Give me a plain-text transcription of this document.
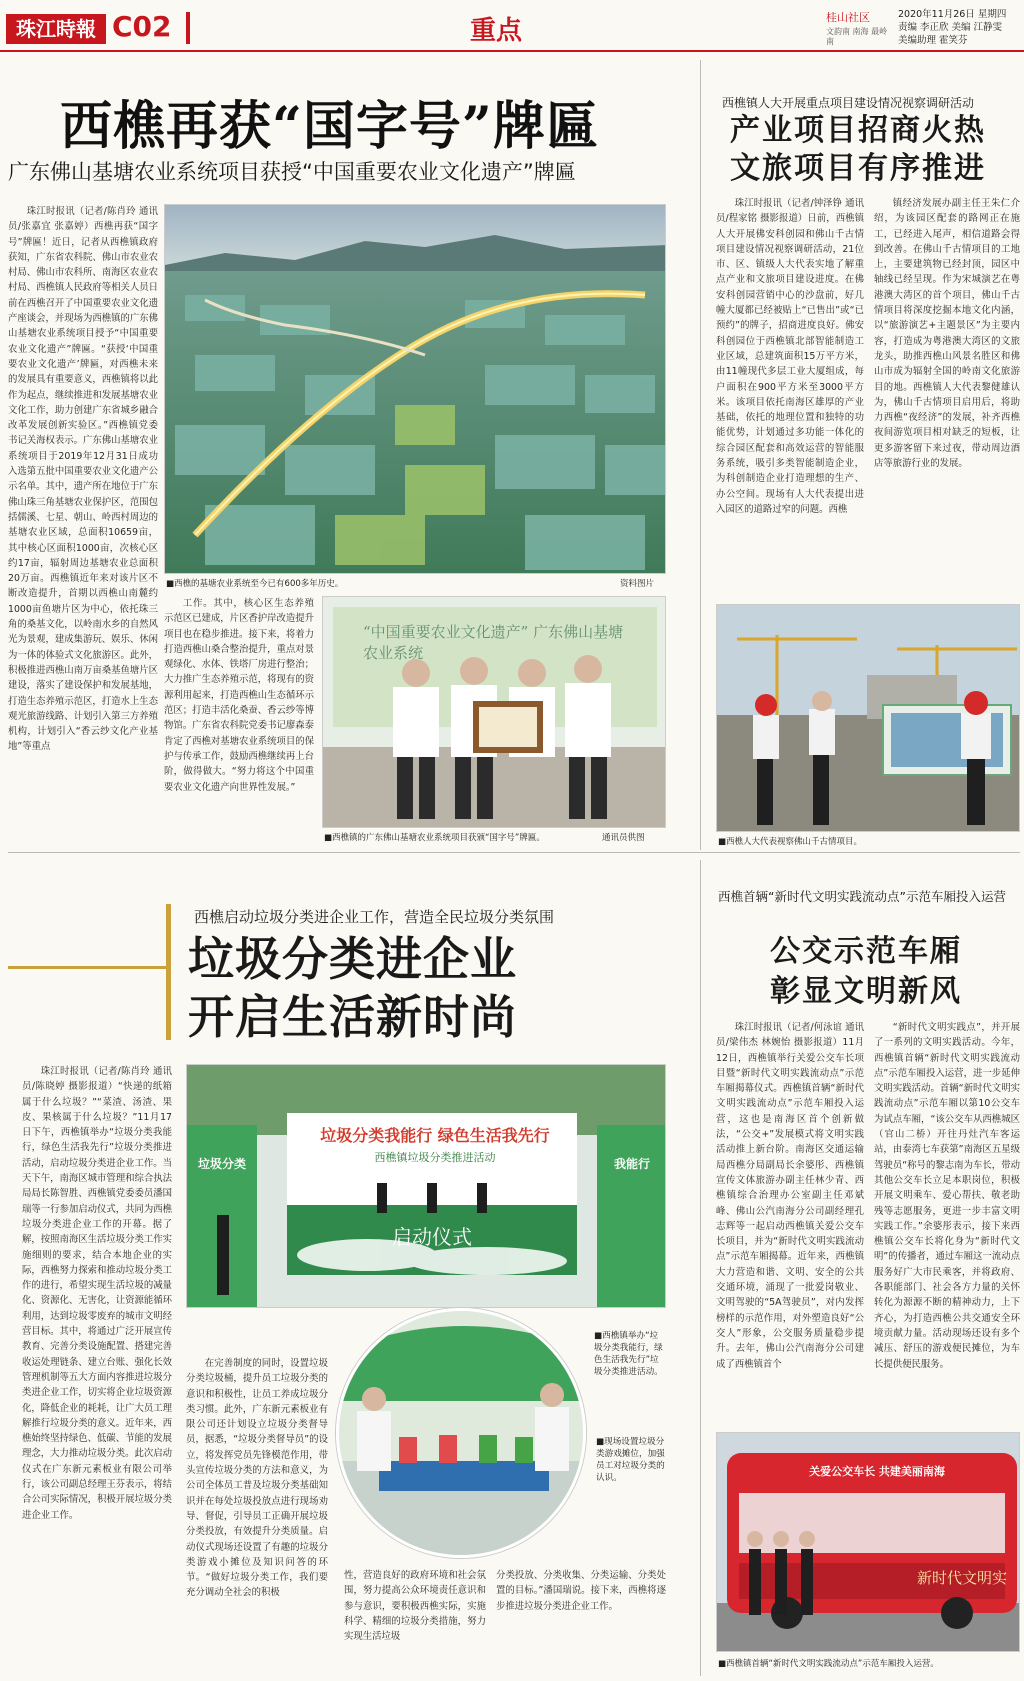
珠江時報 C02	重点	桂山社区
文韵南 南海 最岭南
2020年11月26日 星期四
责编 李正欣 美编 江静雯
美编助理 霍笑芬
西樵再获“国字号”牌匾
广东佛山基塘农业系统项目获授“中国重要农业文化遗产”牌匾

珠江时报讯（记者/陈肖玲 通讯员/张嘉宜 张嘉婷）西樵再获“国字号”牌匾！近日，记者从西樵镇政府获知，广东省农科院、佛山市农业农村局、佛山市农科所、南海区农业农村局、西樵镇人民政府等相关人员日前在西樵召开了中国重要农业文化遗产座谈会，并现场为西樵镇的广东佛山基塘农业系统项目授予“中国重要农业文化遗产”牌匾。“获授‘中国重要农业文化遗产’牌匾，对西樵未来的发展具有重要意义，西樵镇将以此作为起点，继续推进和发展基塘农业文化工作，助力创建广东省城乡融合改革发展创新实验区。”西樵镇党委书记关海权表示。广东佛山基塘农业系统项目于2019年12月31日成功入选第五批中国重要农业文化遗产公示名单。其中，遗产所在地位于广东佛山珠三角基塘农业保护区，范围包括儒溪、七星、朝山、岭西村周边的基塘农业区域，总面积10659亩，其中核心区面积1000亩，次核心区约17亩，辐射周边基塘农业总面积20万亩。西樵镇近年来对该片区不断改造提升，首期以西樵山南麓约1000亩鱼塘片区为中心，依托珠三角的桑基文化，以岭南水乡的自然风光为景观，建成集游玩、娱乐、休闲为一体的体验式文化旅游区。此外，积极推进西樵山南万亩桑基鱼塘片区建设，落实了建设保护和发展基地，打造生态养殖示范区，打造水上生态观光旅游线路、计划引入第三方养殖机构，计划引入“香云纱文化产业基地”等重点

■西樵的基塘农业系统至今已有600多年历史。	资料图片

工作。其中，核心区生态养殖示范区已建成，片区香护岸改造提升项目也在稳步推进。接下来，将着力打造西樵山桑合整治提升，重点对景观绿化、水体、铁塔厂房进行整治；大力推广生态养殖示范，将现有的资源利用起来，打造西樵山生态循环示范区；打造丰活化桑蚕、香云纱等博物馆。广东省农科院党委书记廖森泰肯定了西樵对基塘农业系统项目的保护与传承工作，鼓励西樵继续再上台阶，做得做大。“努力将这个中国重要农业文化遗产向世界性发展。”

“中国重要农业文化遗产” 广东佛山基塘农业系统
■西樵镇的广东佛山基塘农业系统项目获颁“国字号”牌匾。	通讯员供图
西樵镇人大开展重点项目建设情况视察调研活动
产业项目招商火热
文旅项目有序推进

珠江时报讯（记者/钟泽铮 通讯员/程家铭 摄影报道）日前，西樵镇人大开展佛安科创园和佛山千古情项目建设情况视察调研活动，21位市、区、镇级人大代表实地了解重点产业和文旅项目建设进度。在佛安科创园营销中心的沙盘前，好几幢大厦都已经被贴上“已售出”或“已预约”的牌子，招商进度良好。佛安科创园位于西樵镇北部智能制造工业区域，总建筑面积15万平方米，由11幢现代多层工业大厦组成，每户面积在900平方米至3000平方米。该项目依托南海区雄厚的产业基础，依托的地理位置和独特的功能优势，计划通过多功能一体化的综合园区配套和高效运营的智能服务系统，吸引多类智能制造企业，为科创制造企业打造理想的生产、办公空间。现场有人大代表提出进入园区的道路过窄的问题。西樵

镇经济发展办副主任王朱仁介绍，为该园区配套的路网正在施工，已经进入尾声，相信道路会得到改善。在佛山千古情项目的工地上，主要建筑物已经封顶，园区中轴线已经呈现。作为宋城演艺在粤港澳大湾区的首个项目，佛山千古情项目将深度挖掘本地文化内涵，以“旅游演艺+主题景区”为主要内容，打造成为粤港澳大湾区的文旅龙头，助推西樵山风景名胜区和佛山市成为辐射全国的岭南文化旅游目的地。西樵镇人大代表黎健雄认为，佛山千古情项目启用后，将助力西樵“夜经济”的发展，补齐西樵夜间游览项目相对缺乏的短板，让更多游客留下来过夜，带动周边酒店等旅游行业的发展。

■西樵人大代表视察佛山千古情项目。
西樵启动垃圾分类进企业工作，营造全民垃圾分类氛围
垃圾分类进企业
开启生活新时尚

珠江时报讯（记者/陈肖玲 通讯员/陈晓婷 摄影报道）“快递的纸箱属于什么垃圾？”“菜渣、汤渣、果皮、果核属于什么垃圾？”11月17日下午，西樵镇举办“垃圾分类我能行，绿色生活我先行”垃圾分类推进活动，启动垃圾分类进企业工作。当天下午，南海区城市管理和综合执法局局长陈智胜、西樵镇党委委员潘国瑞等一行参加启动仪式，共同为西樵垃圾分类进企业工作的开幕。据了解，按照南海区生活垃圾分类工作实施细则的要求，结合本地企业的实际，西樵努力探索和推动垃圾分类工作的进行，希望实现生活垃圾的减量化、资源化、无害化，让资源能循环利用，达到垃圾零废弃的城市文明经营目标。其中，将通过广泛开展宣传教育、完善分类设施配置、搭建完善收运处理链条、建立台账、强化长效管理机制等五大方面内容推进垃圾分类进企业工作，切实将企业垃圾资源化，降低企业的耗耗，让广大员工理解推行垃圾分类的意义。近年来，西樵始终坚持绿色、低碳、节能的发展理念，大力推动垃圾分类。此次启动仪式在广东新元素板业有限公司举行，该公司副总经理王芬表示，将结合公司实际情况，积极开展垃圾分类进企业工作。

垃圾分类我能行 绿色生活我先行
西樵镇垃圾分类推进活动
启动仪式
垃圾分类	我能行
■西樵镇举办“垃圾分类我能行，绿色生活我先行”垃圾分类推进活动。

在完善制度的同时，设置垃圾分类垃圾桶，提升员工垃圾分类的意识和积极性，让员工养成垃圾分类习惯。此外，广东新元素板业有限公司还计划设立垃圾分类督导员，据悉，“垃圾分类督导员”的设立，将发挥党员先锋模范作用，带头宣传垃圾分类的方法和意义，为公司全体员工普及垃圾分类基础知识并在每处垃圾投放点进行现场劝导、督促，引导员工正确开展垃圾分类投放，有效提升分类质量。启动仪式现场还设置了有趣的垃圾分类游戏小摊位及知识问答的环节。“做好垃圾分类工作，我们要充分调动全社会的积极

■现场设置垃圾分类游戏摊位，加强员工对垃圾分类的认识。

性，营造良好的政府环境和社会氛围，努力提高公众环境责任意识和参与意识，要积极西樵实际，实施科学、精细的垃圾分类措施，努力实现生活垃圾

分类投放、分类收集、分类运输、分类处置的目标。”潘国瑞说。接下来，西樵将逐步推进垃圾分类进企业工作。

西樵首辆“新时代文明实践流动点”示范车厢投入运营
公交示范车厢
彰显文明新风

珠江时报讯（记者/何泳谊 通讯员/梁伟杰 林婉怡 摄影报道）11月12日，西樵镇举行关爱公交车长项目暨“新时代文明实践流动点”示范车厢揭幕仪式。西樵镇首辆“新时代文明实践流动点”示范车厢投入运营，这也是南海区首个创新做法，“公交+”发展模式将文明实践活动推上新台阶。南海区交通运输局西樵分局副局长余婆彤、西樵镇宣传文体旅游办副主任林少青、西樵镇综合治理办公室副主任邓斌峰、佛山公汽南海分公司副经理孔志辉等一起启动西樵镇关爱公交车长项目，并为“新时代文明实践流动点”示范车厢揭幕。近年来，西樵镇大力营造和谐、文明、安全的公共交通环境，涌现了一批爱岗敬业、文明驾驶的“5A驾驶员”，对内发挥榜样的示范作用，对外塑造良好“公交人”形象，公交服务质量稳步提升。去年，佛山公汽南海分公司建成了西樵镇首个

“新时代文明实践点”，并开展了一系列的文明实践活动。今年，西樵镇首辆“新时代文明实践流动点”示范车厢投入运营，进一步延伸文明实践活动。首辆“新时代文明实践流动点”示范车厢以第10公交车为试点车厢，“该公交车从西樵城区（官山二桥）开往丹灶汽车客运站，由泰湾七车获第”南海区五星级驾驶员“称号的黎志南为车长，带动其他公交车长立足本职岗位，积极开展文明乘车、爱心帮扶、敬老助残等志愿服务，更进一步丰富文明实践工作。”余婆彤表示，接下来西樵镇公交车长将化身为“新时代文明”的传播者，通过车厢这一流动点服务好广大市民乘客，并将政府、各职能部门、社会各方力量的关怀转化为源源不断的精神动力，上下齐心，为打造西樵公共交通安全环境贡献力量。活动现场还设有多个减压、舒压的游戏便民摊位，为车长提供便民服务。

新时代文明实
关爱公交车长 共建美丽南海
■西樵镇首辆“新时代文明实践流动点”示范车厢投入运营。
